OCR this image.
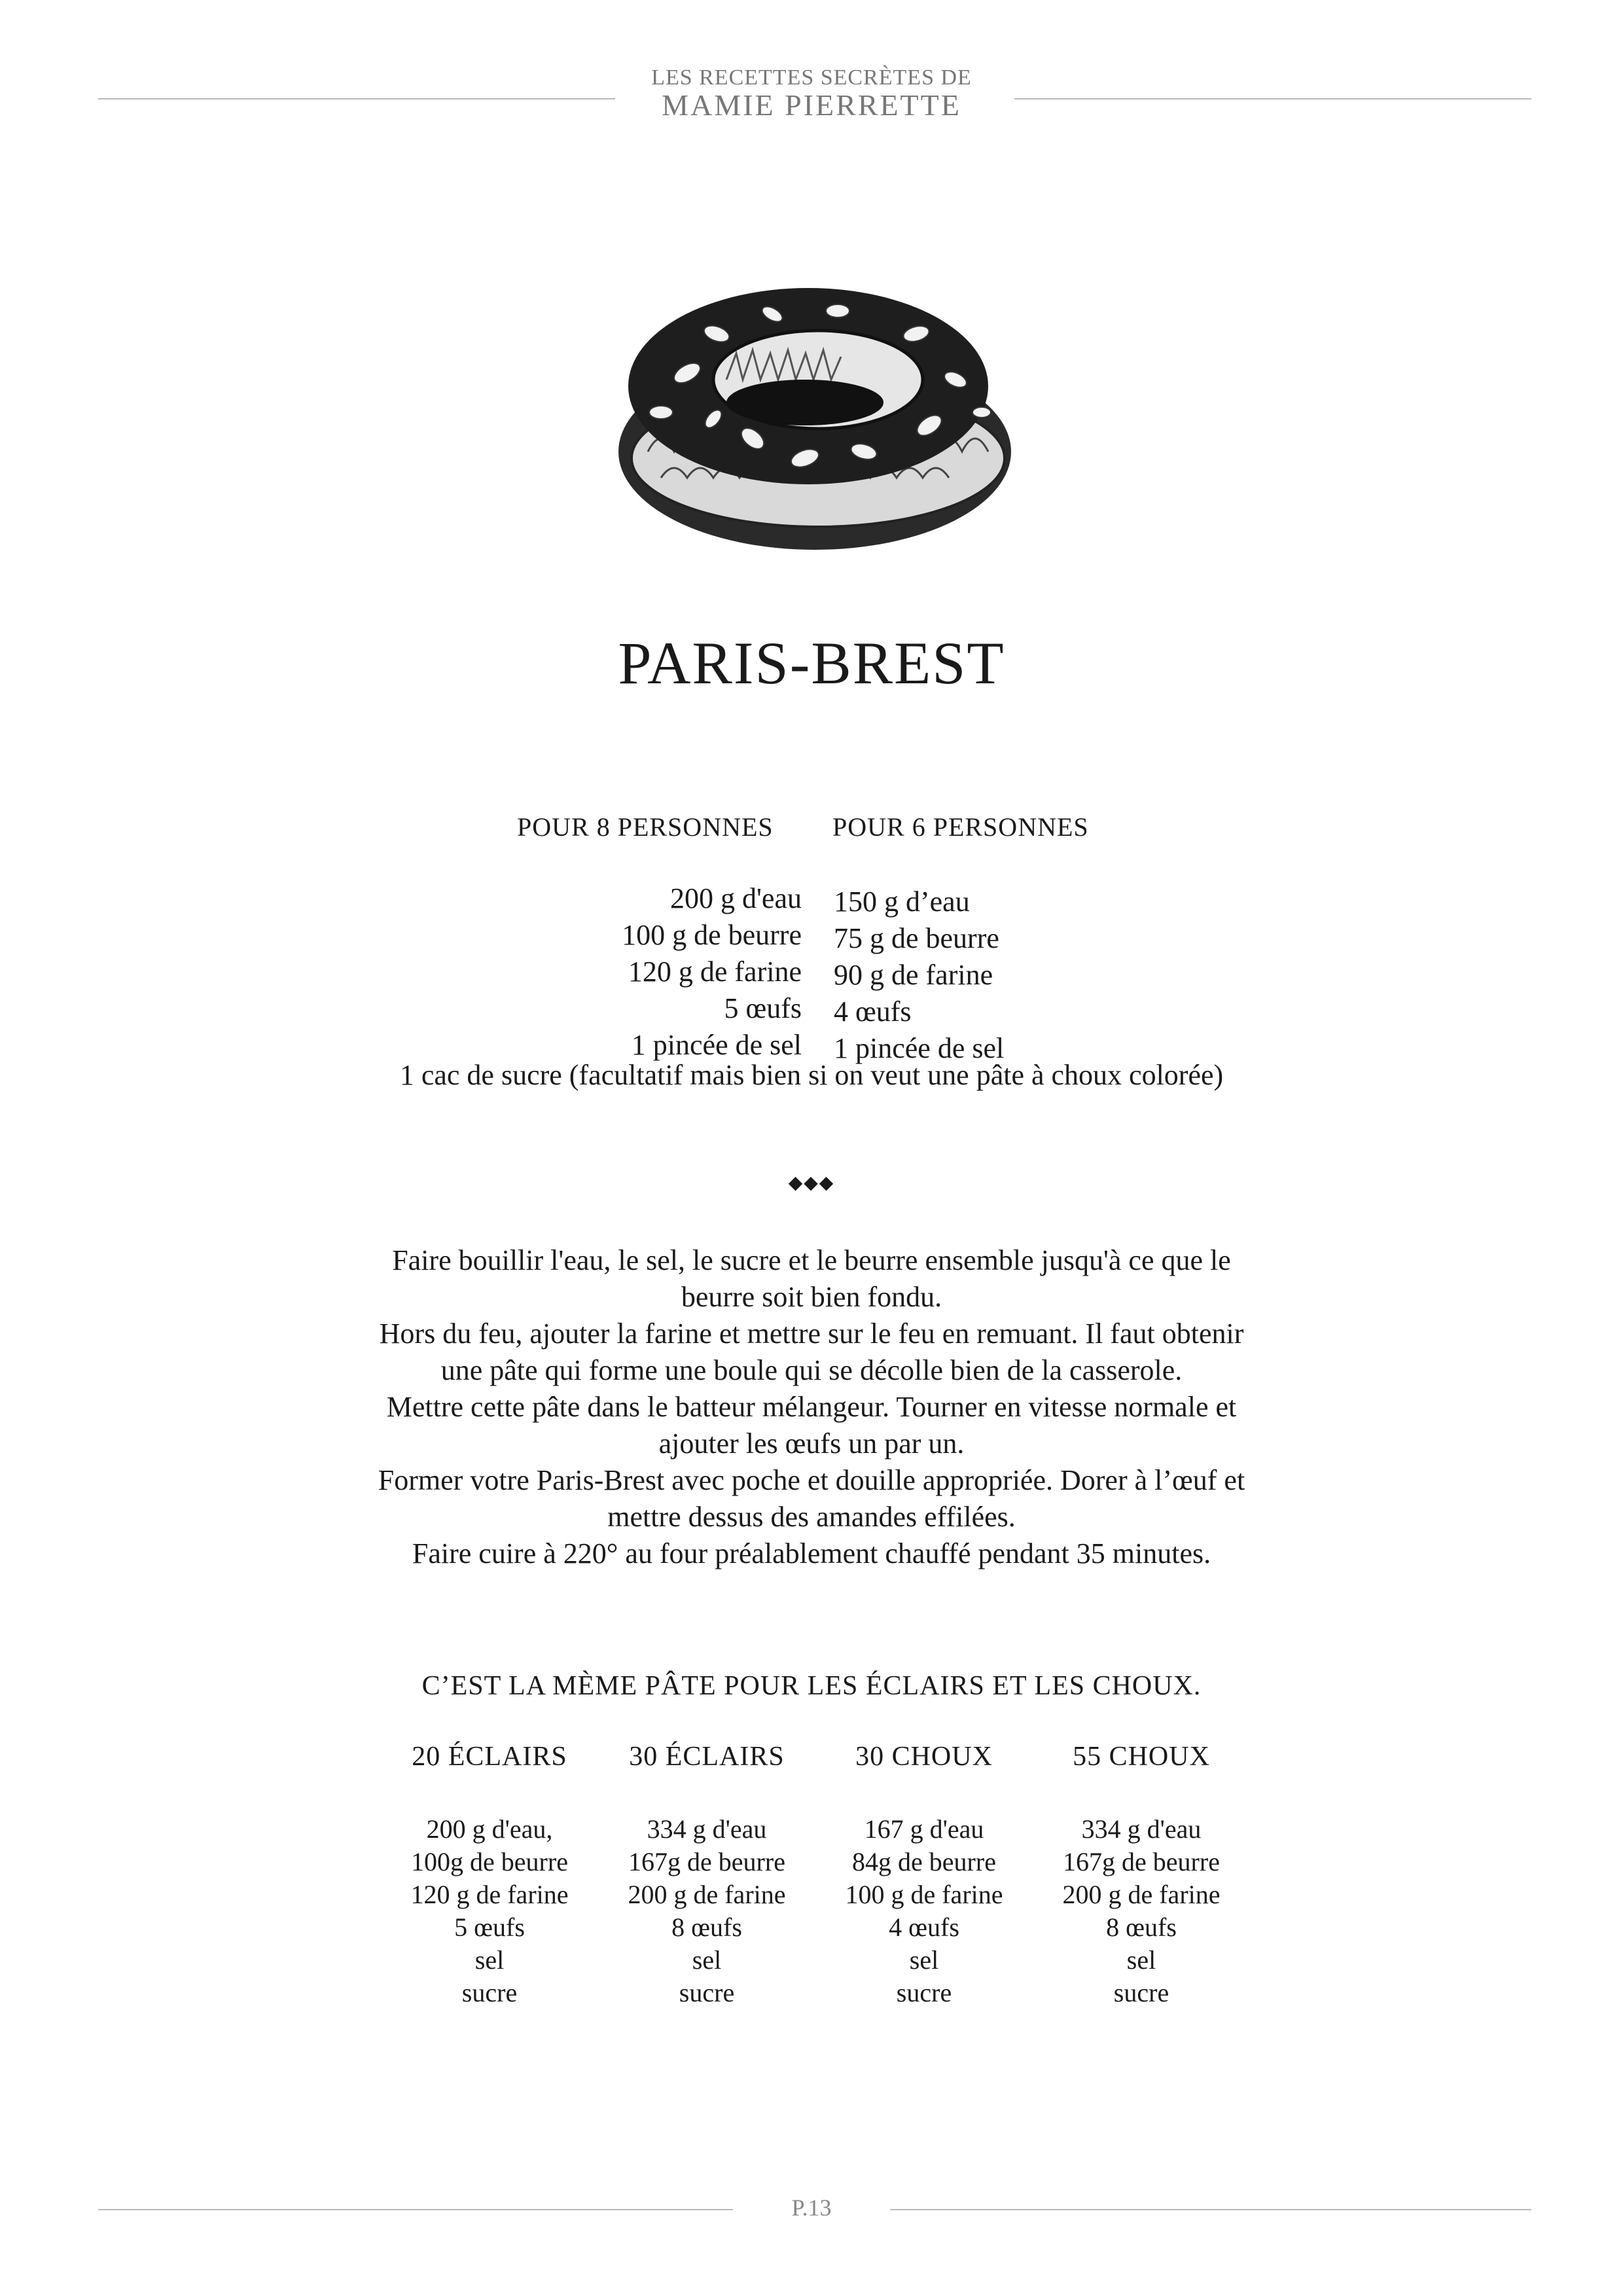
LES RECETTES SECRÈTES DE
MAMIE PIERRETTE
PARIS-BREST
POUR 8 PERSONNES POUR 6 PERSONNES
200 g d'eau
100 g de beurre
120 g de farine
5 œufs
1 pincée de sel
150 g d’eau
75 g de beurre
90 g de farine
4 œufs
1 pincée de sel
1 cac de sucre (facultatif mais bien si on veut une pâte à choux colorée)
◆◆◆

Faire bouillir l'eau, le sel, le sucre et le beurre ensemble jusqu'à ce que le beurre soit bien fondu.

Hors du feu, ajouter la farine et mettre sur le feu en remuant. Il faut obtenir une pâte qui forme une boule qui se décolle bien de la casserole.

Mettre cette pâte dans le batteur mélangeur. Tourner en vitesse normale et ajouter les œufs un par un.

Former votre Paris-Brest avec poche et douille appropriée. Dorer à l’œuf et mettre dessus des amandes effilées.

Faire cuire à 220° au four préalablement chauffé pendant 35 minutes.

C’EST LA MÈME PÂTE POUR LES ÉCLAIRS ET LES CHOUX.
20 ÉCLAIRS
200 g d'eau,
100g de beurre
120 g de farine
5 œufs
sel
sucre
30 ÉCLAIRS
334 g d'eau
167g de beurre
200 g de farine
8 œufs
sel
sucre
30 CHOUX
167 g d'eau
84g de beurre
100 g de farine
4 œufs
sel
sucre
55 CHOUX
334 g d'eau
167g de beurre
200 g de farine
8 œufs
sel
sucre
P.13
